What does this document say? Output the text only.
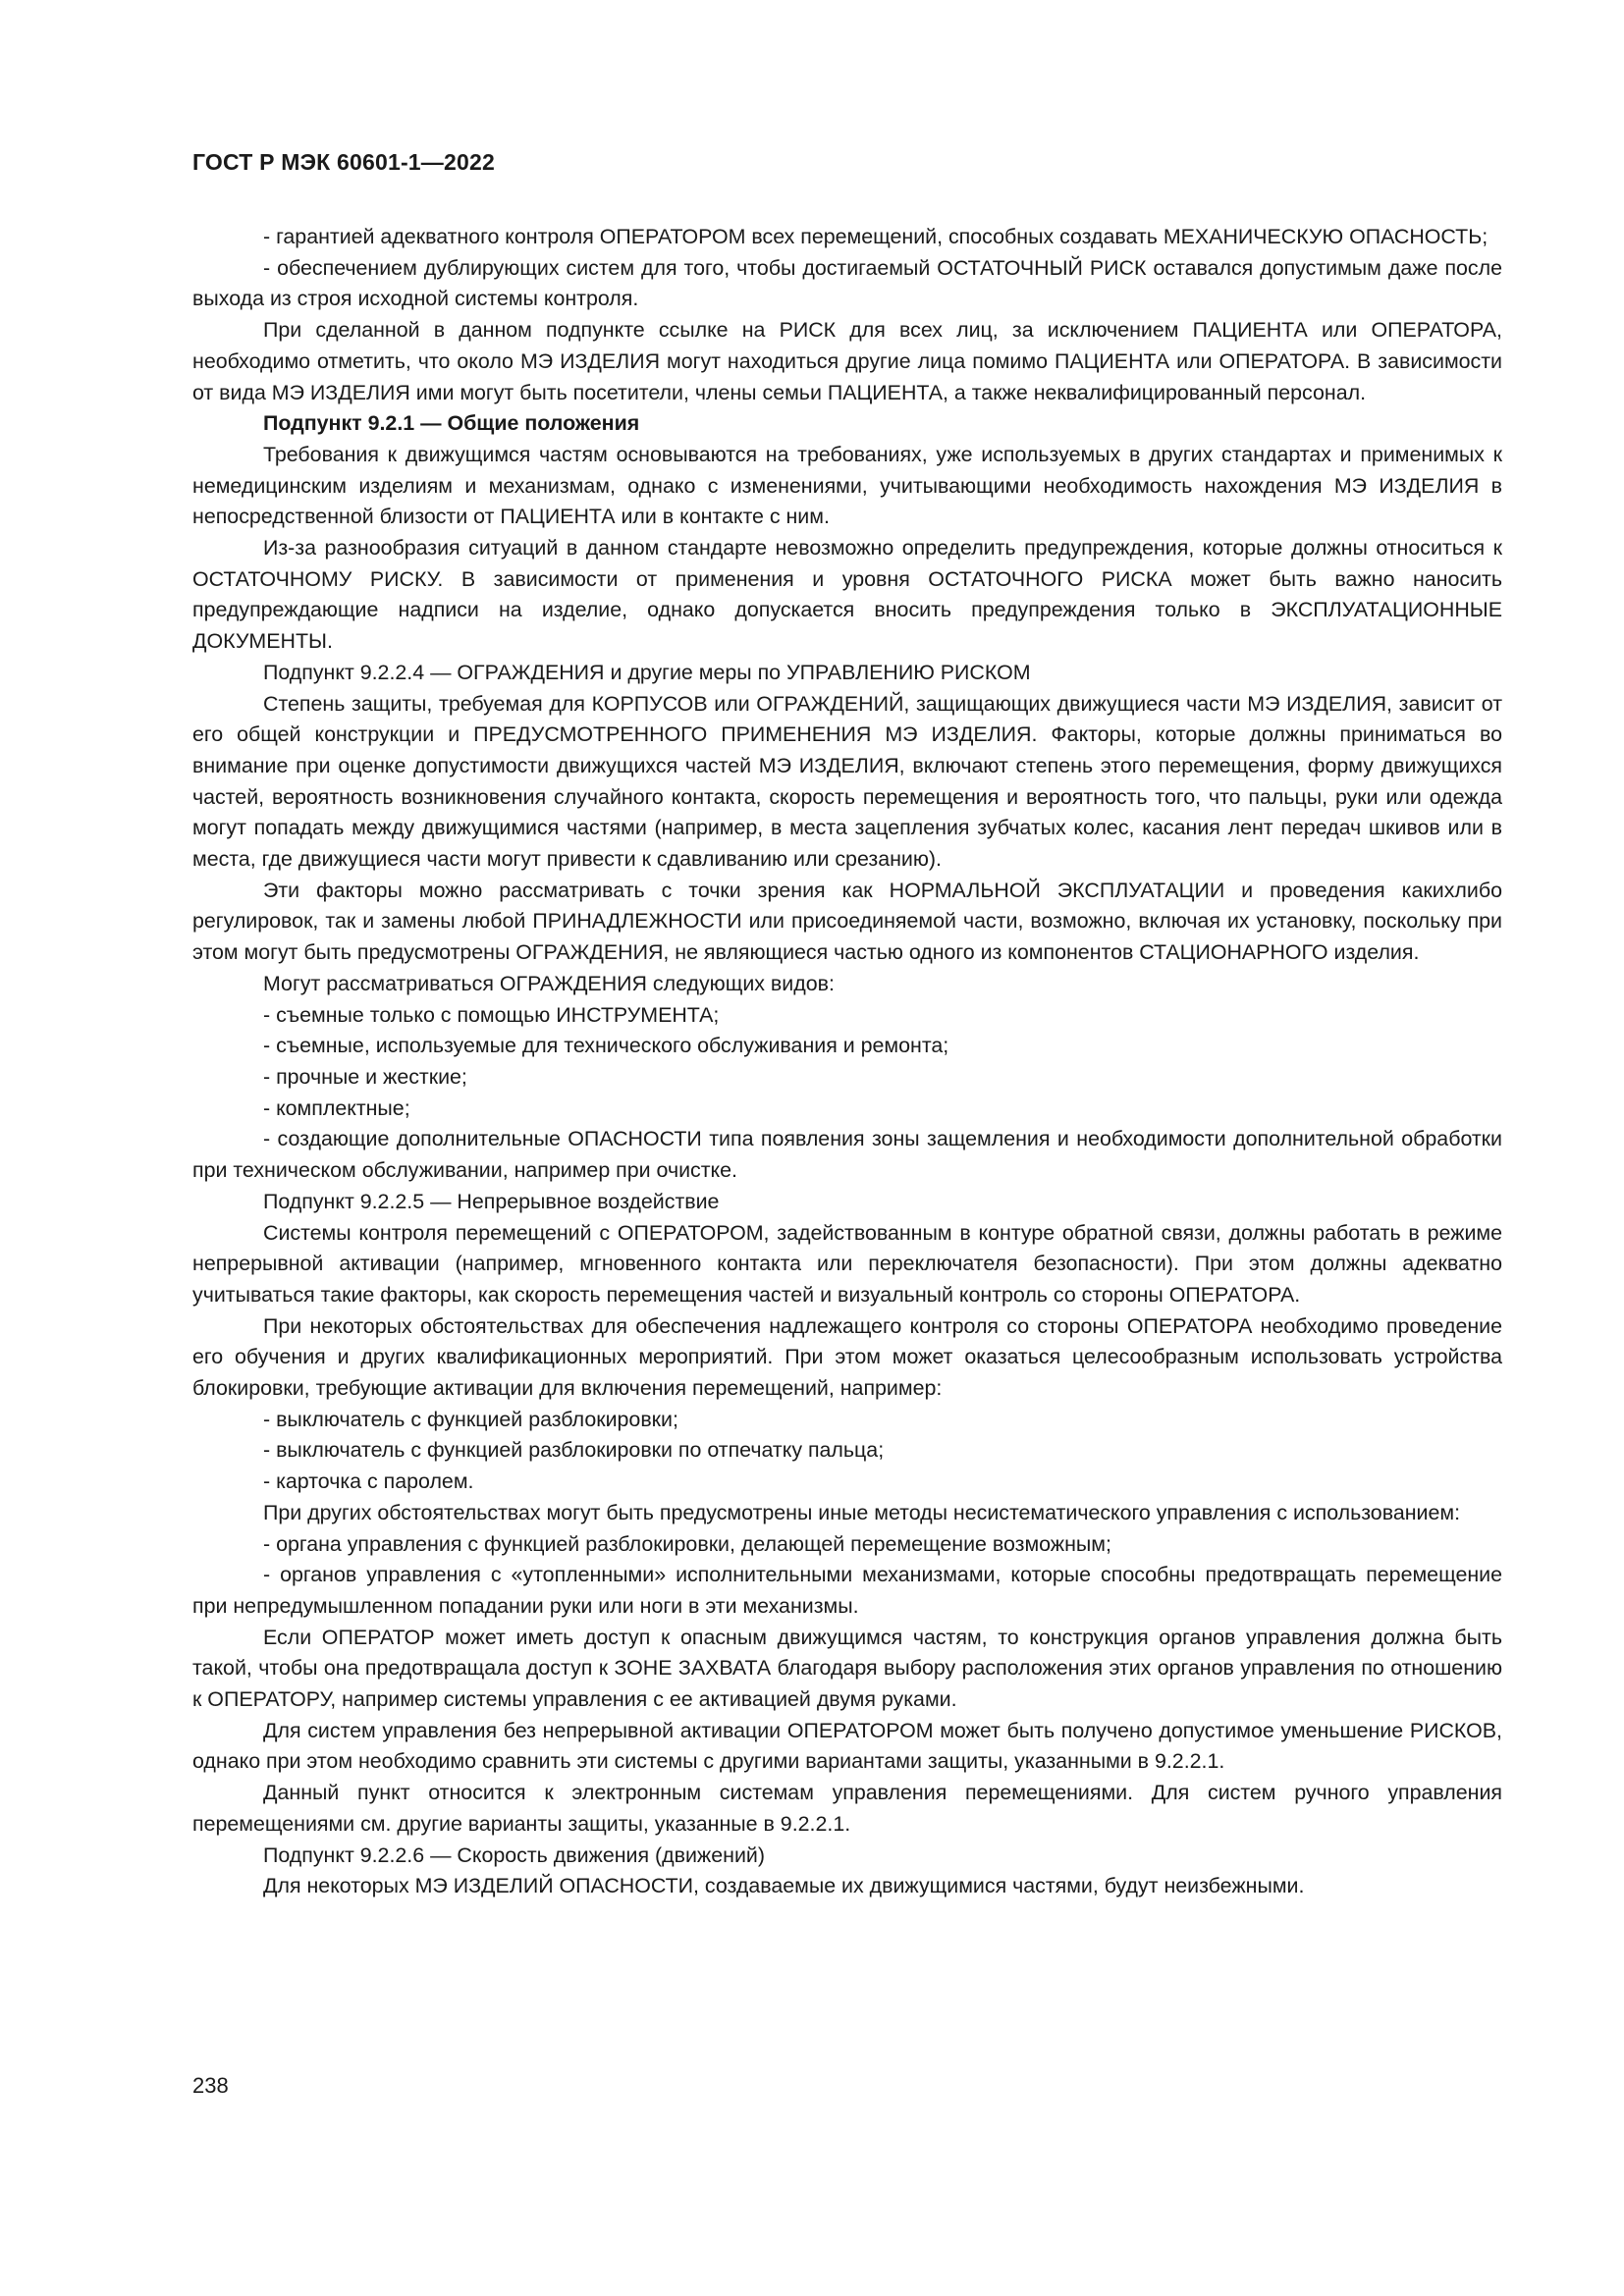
ГОСТ Р МЭК 60601-1—2022

- гарантией адекватного контроля ОПЕРАТОРОМ всех перемещений, способных создавать МЕХАНИЧЕСКУЮ ОПАСНОСТЬ;

- обеспечением дублирующих систем для того, чтобы достигаемый ОСТАТОЧНЫЙ РИСК оставался допустимым даже после выхода из строя исходной системы контроля.

При сделанной в данном подпункте ссылке на РИСК для всех лиц, за исключением ПАЦИЕНТА или ОПЕРАТОРА, необходимо отметить, что около МЭ ИЗДЕЛИЯ могут находиться другие лица помимо ПАЦИЕНТА или ОПЕРАТОРА. В зависимости от вида МЭ ИЗДЕЛИЯ ими могут быть посетители, члены семьи ПАЦИЕНТА, а также неквалифицированный персонал.

Подпункт 9.2.1 — Общие положения

Требования к движущимся частям основываются на требованиях, уже используемых в других стандартах и применимых к немедицинским изделиям и механизмам, однако с изменениями, учитывающими необходимость нахождения МЭ ИЗДЕЛИЯ в непосредственной близости от ПАЦИЕНТА или в контакте с ним.

Из-за разнообразия ситуаций в данном стандарте невозможно определить предупреждения, которые должны относиться к ОСТАТОЧНОМУ РИСКУ. В зависимости от применения и уровня ОСТАТОЧНОГО РИСКА может быть важно наносить предупреждающие надписи на изделие, однако допускается вносить предупреждения только в ЭКСПЛУАТАЦИОННЫЕ ДОКУМЕНТЫ.

Подпункт 9.2.2.4 — ОГРАЖДЕНИЯ и другие меры по УПРАВЛЕНИЮ РИСКОМ

Степень защиты, требуемая для КОРПУСОВ или ОГРАЖДЕНИЙ, защищающих движущиеся части МЭ ИЗДЕЛИЯ, зависит от его общей конструкции и ПРЕДУСМОТРЕННОГО ПРИМЕНЕНИЯ МЭ ИЗДЕЛИЯ. Факторы, которые должны приниматься во внимание при оценке допустимости движущихся частей МЭ ИЗДЕЛИЯ, включают степень этого перемещения, форму движущихся частей, вероятность возникновения случайного контакта, скорость перемещения и вероятность того, что пальцы, руки или одежда могут попадать между движущимися частями (например, в места зацепления зубчатых колес, касания лент передач шкивов или в места, где движущиеся части могут привести к сдавливанию или срезанию).

Эти факторы можно рассматривать с точки зрения как НОРМАЛЬНОЙ ЭКСПЛУАТАЦИИ и проведения какихлибо регулировок, так и замены любой ПРИНАДЛЕЖНОСТИ или присоединяемой части, возможно, включая их установку, поскольку при этом могут быть предусмотрены ОГРАЖДЕНИЯ, не являющиеся частью одного из компонентов СТАЦИОНАРНОГО изделия.

Могут рассматриваться ОГРАЖДЕНИЯ следующих видов:

- съемные только с помощью ИНСТРУМЕНТА;

- съемные, используемые для технического обслуживания и ремонта;

- прочные и жесткие;

- комплектные;

- создающие дополнительные ОПАСНОСТИ типа появления зоны защемления и необходимости дополнительной обработки при техническом обслуживании, например при очистке.

Подпункт 9.2.2.5 — Непрерывное воздействие

Системы контроля перемещений с ОПЕРАТОРОМ, задействованным в контуре обратной связи, должны работать в режиме непрерывной активации (например, мгновенного контакта или переключателя безопасности). При этом должны адекватно учитываться такие факторы, как скорость перемещения частей и визуальный контроль со стороны ОПЕРАТОРА.

При некоторых обстоятельствах для обеспечения надлежащего контроля со стороны ОПЕРАТОРА необходимо проведение его обучения и других квалификационных мероприятий. При этом может оказаться целесообразным использовать устройства блокировки, требующие активации для включения перемещений, например:

- выключатель с функцией разблокировки;

- выключатель с функцией разблокировки по отпечатку пальца;

- карточка с паролем.

При других обстоятельствах могут быть предусмотрены иные методы несистематического управления с использованием:

- органа управления с функцией разблокировки, делающей перемещение возможным;

- органов управления с «утопленными» исполнительными механизмами, которые способны предотвращать перемещение при непредумышленном попадании руки или ноги в эти механизмы.

Если ОПЕРАТОР может иметь доступ к опасным движущимся частям, то конструкция органов управления должна быть такой, чтобы она предотвращала доступ к ЗОНЕ ЗАХВАТА благодаря выбору расположения этих органов управления по отношению к ОПЕРАТОРУ, например системы управления с ее активацией двумя руками.

Для систем управления без непрерывной активации ОПЕРАТОРОМ может быть получено допустимое уменьшение РИСКОВ, однако при этом необходимо сравнить эти системы с другими вариантами защиты, указанными в 9.2.2.1.

Данный пункт относится к электронным системам управления перемещениями. Для систем ручного управления перемещениями см. другие варианты защиты, указанные в 9.2.2.1.

Подпункт 9.2.2.6 — Скорость движения (движений)

Для некоторых МЭ ИЗДЕЛИЙ ОПАСНОСТИ, создаваемые их движущимися частями, будут неизбежными.

238
